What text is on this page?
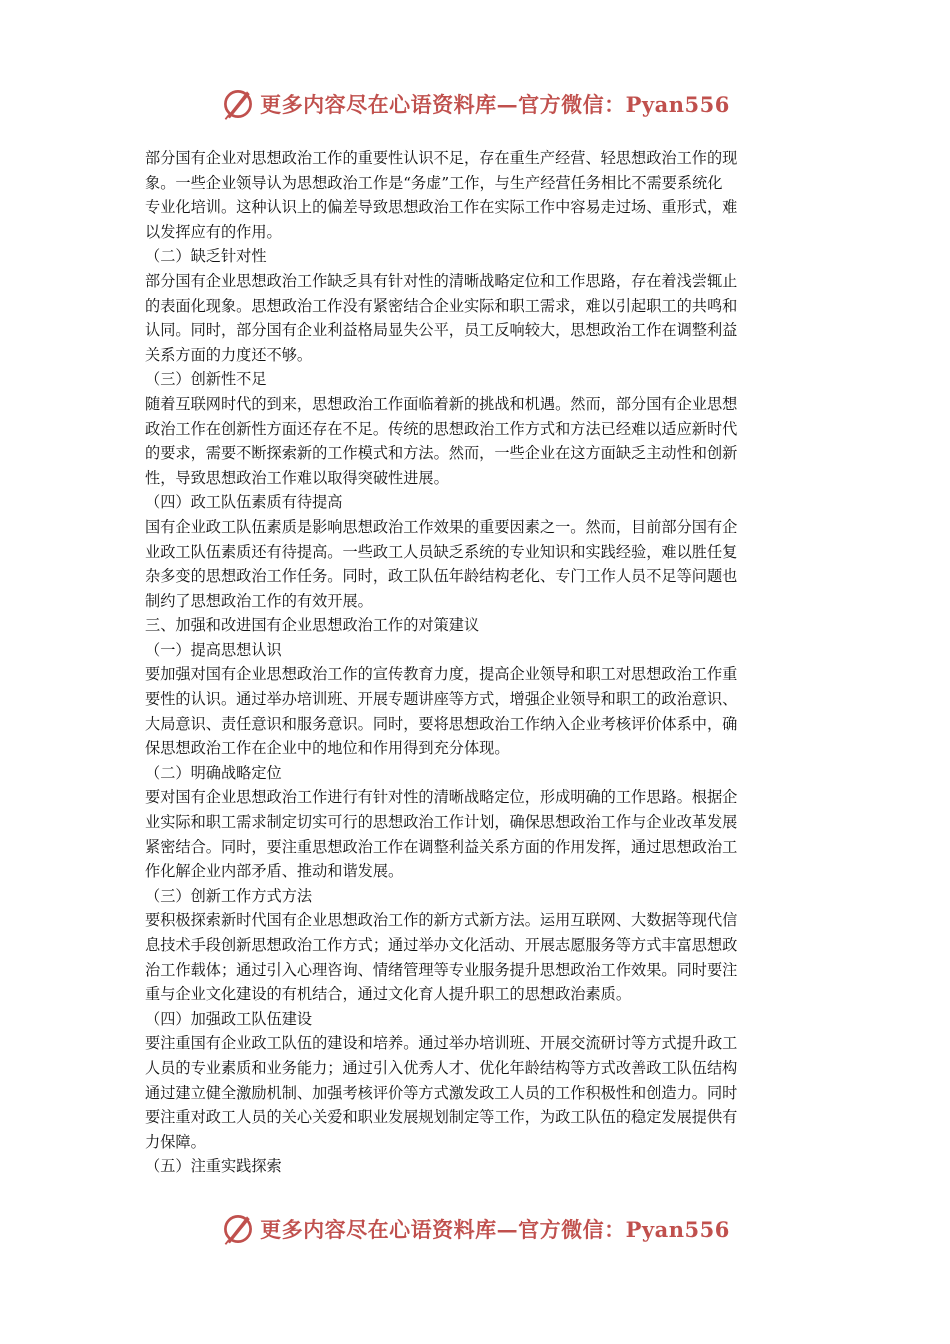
更多内容尽在心语资料库—官方微信：Pyan556

部分国有企业对思想政治工作的重要性认识不足，存在重生产经营、轻思想政治工作的现

象。一些企业领导认为思想政治工作是“务虚”工作，与生产经营任务相比不需要系统化

专业化培训。这种认识上的偏差导致思想政治工作在实际工作中容易走过场、重形式，难

以发挥应有的作用。

（二）缺乏针对性

部分国有企业思想政治工作缺乏具有针对性的清晰战略定位和工作思路，存在着浅尝辄止

的表面化现象。思想政治工作没有紧密结合企业实际和职工需求，难以引起职工的共鸣和

认同。同时，部分国有企业利益格局显失公平，员工反响较大，思想政治工作在调整利益

关系方面的力度还不够。

（三）创新性不足

随着互联网时代的到来，思想政治工作面临着新的挑战和机遇。然而，部分国有企业思想

政治工作在创新性方面还存在不足。传统的思想政治工作方式和方法已经难以适应新时代

的要求，需要不断探索新的工作模式和方法。然而，一些企业在这方面缺乏主动性和创新

性，导致思想政治工作难以取得突破性进展。

（四）政工队伍素质有待提高

国有企业政工队伍素质是影响思想政治工作效果的重要因素之一。然而，目前部分国有企

业政工队伍素质还有待提高。一些政工人员缺乏系统的专业知识和实践经验，难以胜任复

杂多变的思想政治工作任务。同时，政工队伍年龄结构老化、专门工作人员不足等问题也

制约了思想政治工作的有效开展。

三、加强和改进国有企业思想政治工作的对策建议

（一）提高思想认识

要加强对国有企业思想政治工作的宣传教育力度，提高企业领导和职工对思想政治工作重

要性的认识。通过举办培训班、开展专题讲座等方式，增强企业领导和职工的政治意识、

大局意识、责任意识和服务意识。同时，要将思想政治工作纳入企业考核评价体系中，确

保思想政治工作在企业中的地位和作用得到充分体现。

（二）明确战略定位

要对国有企业思想政治工作进行有针对性的清晰战略定位，形成明确的工作思路。根据企

业实际和职工需求制定切实可行的思想政治工作计划，确保思想政治工作与企业改革发展

紧密结合。同时，要注重思想政治工作在调整利益关系方面的作用发挥，通过思想政治工

作化解企业内部矛盾、推动和谐发展。

（三）创新工作方式方法

要积极探索新时代国有企业思想政治工作的新方式新方法。运用互联网、大数据等现代信

息技术手段创新思想政治工作方式；通过举办文化活动、开展志愿服务等方式丰富思想政

治工作载体；通过引入心理咨询、情绪管理等专业服务提升思想政治工作效果。同时要注

重与企业文化建设的有机结合，通过文化育人提升职工的思想政治素质。

（四）加强政工队伍建设

要注重国有企业政工队伍的建设和培养。通过举办培训班、开展交流研讨等方式提升政工

人员的专业素质和业务能力；通过引入优秀人才、优化年龄结构等方式改善政工队伍结构

通过建立健全激励机制、加强考核评价等方式激发政工人员的工作积极性和创造力。同时

要注重对政工人员的关心关爱和职业发展规划制定等工作，为政工队伍的稳定发展提供有

力保障。

（五）注重实践探索

更多内容尽在心语资料库—官方微信：Pyan556
